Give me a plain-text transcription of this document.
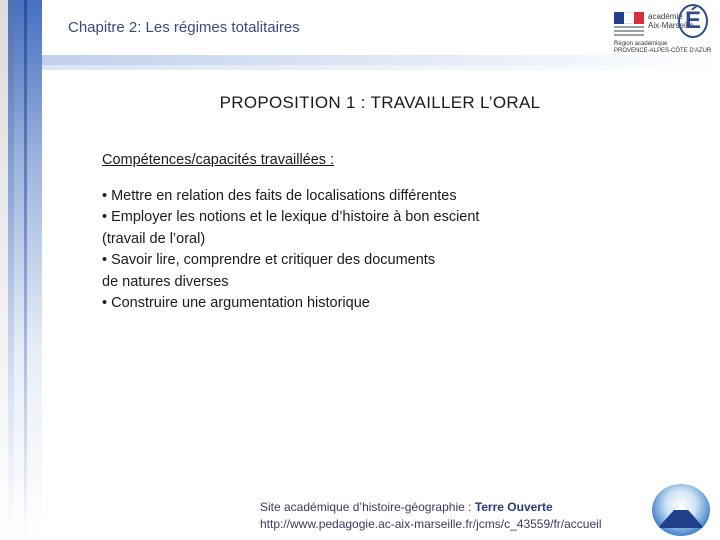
Chapitre 2: Les régimes totalitaires
académie
Aix-Marseille
É
Région académique
PROVENCE-ALPES-CÔTE D'AZUR
PROPOSITION 1 : TRAVAILLER L’ORAL
Compétences/capacités travaillées :
• Mettre en relation des faits de localisations différentes
• Employer les notions et le lexique d’histoire à bon escient
(travail de l’oral)
• Savoir lire, comprendre et critiquer des documents
de natures diverses
• Construire une argumentation historique
Site académique d’histoire-géographie : Terre Ouverte
http://www.pedagogie.ac-aix-marseille.fr/jcms/c_43559/fr/accueil
